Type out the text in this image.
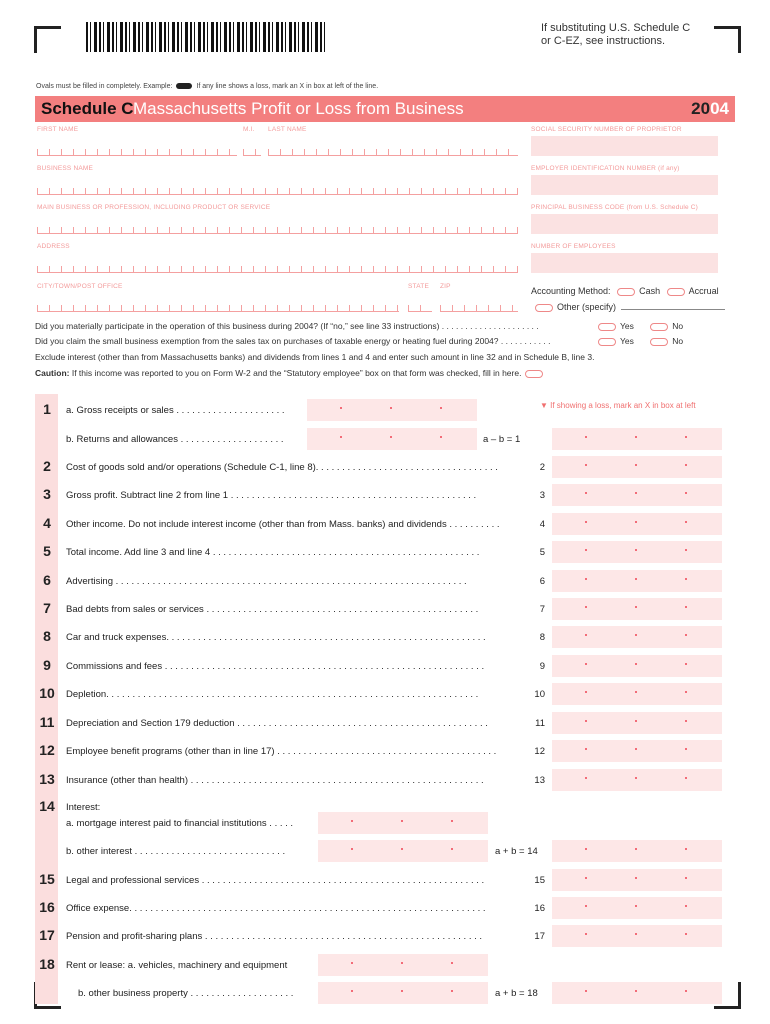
If substituting U.S. Schedule C or C-EZ, see instructions.
Ovals must be filled in completely. Example:	If any line shows a loss, mark an X in box at left of the line.
Schedule C Massachusetts Profit or Loss from Business	2004
FIRST NAME	M.I. LAST NAME	SOCIAL SECURITY NUMBER OF PROPRIETOR
BUSINESS NAME	EMPLOYER IDENTIFICATION NUMBER (if any)
MAIN BUSINESS OR PROFESSION, INCLUDING PRODUCT OR SERVICE	PRINCIPAL BUSINESS CODE (from U.S. Schedule C)
ADDRESS	NUMBER OF EMPLOYEES
CITY/TOWN/POST OFFICE	STATE ZIP	Accounting Method:	Cash	Accrual
Other (specify)
Did you materially participate in the operation of this business during 2004? (If “no,” see line 33 instructions) . . . . . . . . . . . . . . . . . . . . .	Yes	No
Did you claim the small business exemption from the sales tax on purchases of taxable energy or heating fuel during 2004? . . . . . . . . . . .	Yes	No
Exclude interest (other than from Massachusetts banks) and dividends from lines 1 and 4 and enter such amount in line 32 and in Schedule B, line 3.
Caution: If this income was reported to you on Form W-2 and the “Statutory employee” box on that form was checked, fill in here.
▼ If showing a loss, mark an X in box at left
1	a. Gross receipts or sales . . . . . . . . . . . . . . . . . . . . .
b. Returns and allowances . . . . . . . . . . . . . . . . . . . .	a – b = 1
2	Cost of goods sold and/or operations (Schedule C-1, line 8). . . . . . . . . . . . . . . . . . . . . . . . . . . . . . . . . . .	2
3	Gross profit. Subtract line 2 from line 1 . . . . . . . . . . . . . . . . . . . . . . . . . . . . . . . . . . . . . . . . . . . . . . .	3
4	Other income. Do not include interest income (other than from Mass. banks) and dividends . . . . . . . . . .	4
5	Total income. Add line 3 and line 4 . . . . . . . . . . . . . . . . . . . . . . . . . . . . . . . . . . . . . . . . . . . . . . . . . . .	5
6	Advertising . . . . . . . . . . . . . . . . . . . . . . . . . . . . . . . . . . . . . . . . . . . . . . . . . . . . . . . . . . . . . . . . . . .	6
7	Bad debts from sales or services . . . . . . . . . . . . . . . . . . . . . . . . . . . . . . . . . . . . . . . . . . . . . . . . . . . .	7
8	Car and truck expenses. . . . . . . . . . . . . . . . . . . . . . . . . . . . . . . . . . . . . . . . . . . . . . . . . . . . . . . . . . . . .	8
9	Commissions and fees . . . . . . . . . . . . . . . . . . . . . . . . . . . . . . . . . . . . . . . . . . . . . . . . . . . . . . . . . . . . .	9
10 Depletion. . . . . . . . . . . . . . . . . . . . . . . . . . . . . . . . . . . . . . . . . . . . . . . . . . . . . . . . . . . . . . . . . . . . . . .	10
11 Depreciation and Section 179 deduction . . . . . . . . . . . . . . . . . . . . . . . . . . . . . . . . . . . . . . . . . . . . . . . .	11
12 Employee benefit programs (other than in line 17) . . . . . . . . . . . . . . . . . . . . . . . . . . . . . . . . . . . . . . . . . .	12
13 Insurance (other than health) . . . . . . . . . . . . . . . . . . . . . . . . . . . . . . . . . . . . . . . . . . . . . . . . . . . . . . . .	13
14 Interest:
a. mortgage interest paid to financial institutions . . . . .
b. other interest . . . . . . . . . . . . . . . . . . . . . . . . . . . . .	a + b = 14
15 Legal and professional services . . . . . . . . . . . . . . . . . . . . . . . . . . . . . . . . . . . . . . . . . . . . . . . . . . . . . .	15
16 Office expense. . . . . . . . . . . . . . . . . . . . . . . . . . . . . . . . . . . . . . . . . . . . . . . . . . . . . . . . . . . . . . . . . . . .	16
17 Pension and profit-sharing plans . . . . . . . . . . . . . . . . . . . . . . . . . . . . . . . . . . . . . . . . . . . . . . . . . . . . .	17
18 Rent or lease: a. vehicles, machinery and equipment
b. other business property . . . . . . . . . . . . . . . . . . . .	a + b = 18
